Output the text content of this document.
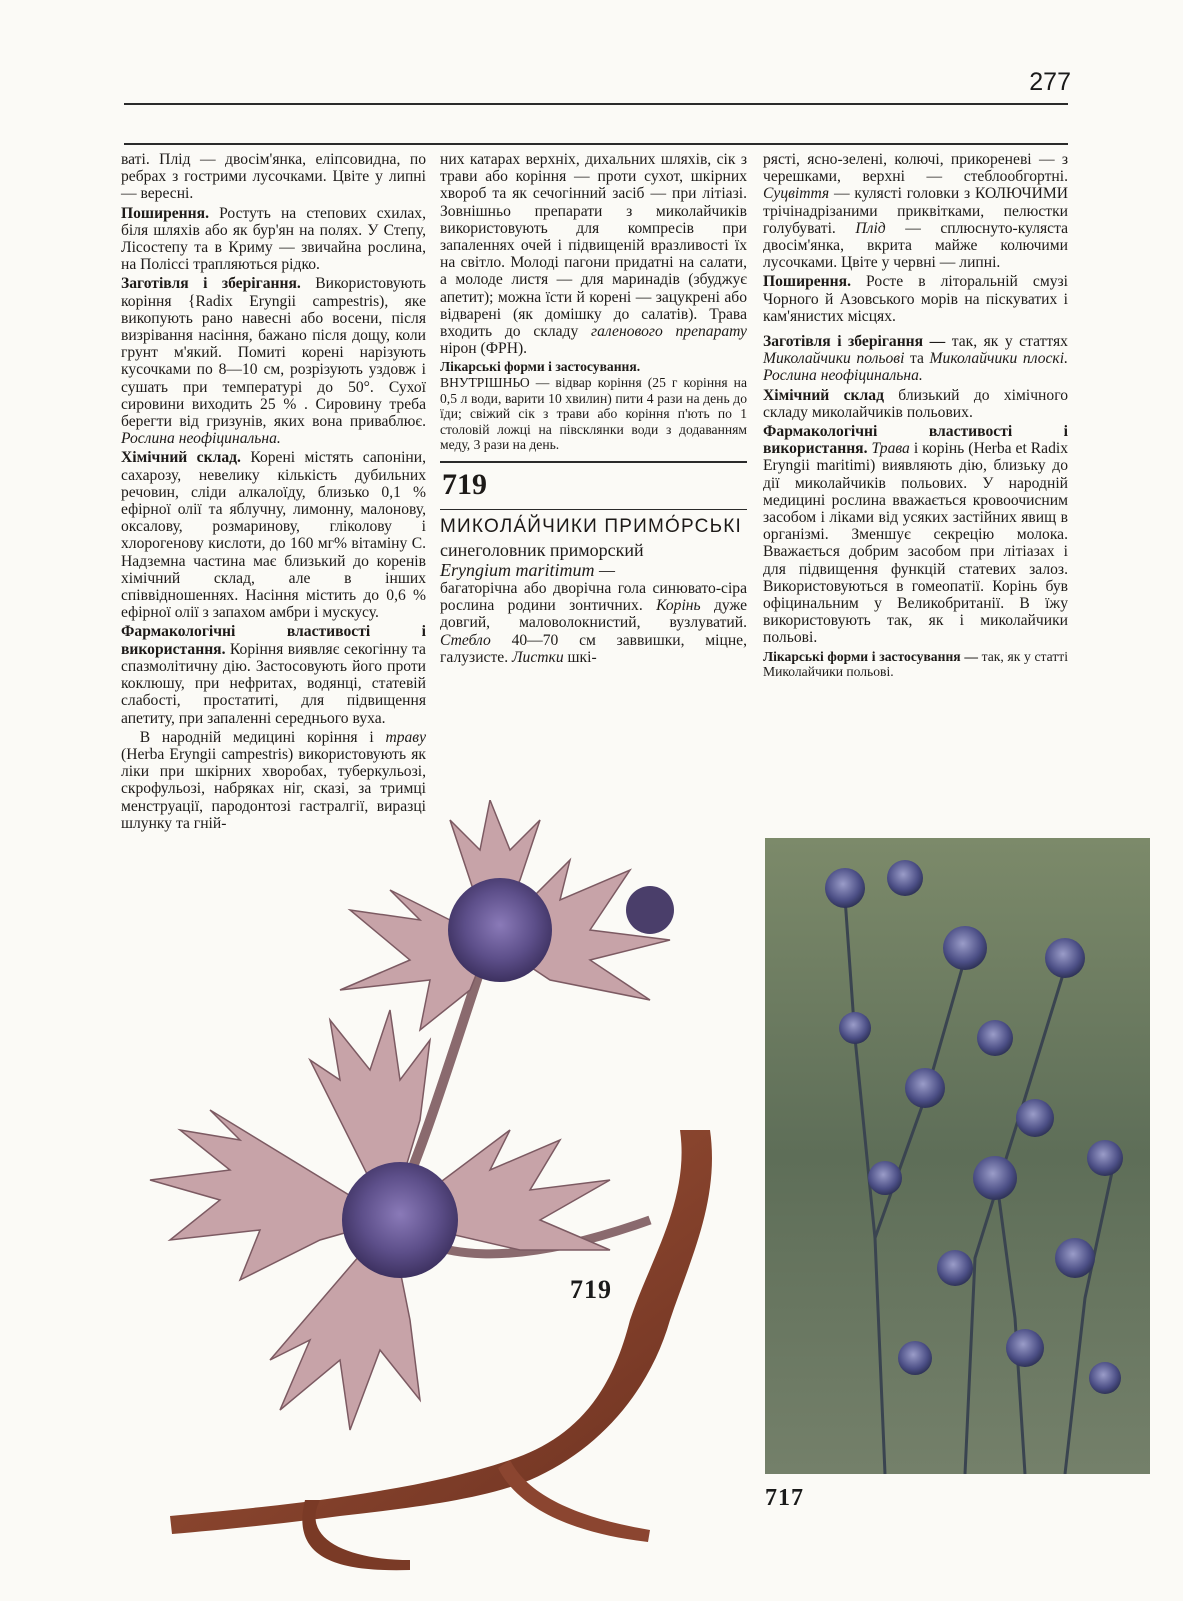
277

ваті. Плід — двосім'янка, еліпсовидна, по ребрах з гострими лусочками. Цвіте у липні — вересні.

Поширення. Ростуть на степових схилах, біля шляхів або як бур'ян на полях. У Степу, Лісостепу та в Криму — звичайна рослина, на Поліссі трапляються рідко.

Заготівля і зберігання. Використовують коріння {Radix Eryngii campestris), яке викопують рано навесні або восени, після визрівання насіння, бажано після дощу, коли грунт м'який. Помиті корені нарізують кусочками по 8—10 см, розрізують уздовж і сушать при температурі до 50°. Сухої сировини виходить 25 % . Сировину треба берегти від гризунів, яких вона приваблює. Рослина неофіцинальна.

Хімічний склад. Корені містять сапоніни, сахарозу, невелику кількість дубильних речовин, сліди алкалоїду, близько 0,1 % ефірної олії та яблучну, лимонну, малонову, оксалову, розмаринову, гліколову і хлорогенову кислоти, до 160 мг% вітаміну С. Надземна частина має близький до коренів хімічний склад, але в інших співвідношеннях. Насіння містить до 0,6 % ефірної олії з запахом амбри і мускусу.

Фармакологічні властивості і використання. Коріння виявляє секогінну та спазмолітичну дію. Застосовують його проти коклюшу, при нефритах, водянці, статевій слабості, простатиті, для підвищення апетиту, при запаленні середнього вуха.

В народній медицині коріння і траву (Herba Eryngii campestris) використовують як ліки при шкірних хворобах, туберкульозі, скрофульозі, набряках ніг, сказі, за тримці менструації, пародонтозі гастралгії, виразці шлунку та гній-

них катарах верхніх, дихальних шляхів, сік з трави або коріння — проти сухот, шкірних хвороб та як сечогінний засіб — при літіазі. Зовнішньо препарати з миколайчиків використовують для компресів при запаленнях очей і підвищеній вразливості їх на світло. Молоді пагони придатні на салати, а молоде листя — для маринадів (збуджує апетит); можна їсти й корені — зацукрені або відварені (як домішку до салатів). Трава входить до складу галенового препарату нірон (ФРН).

Лікарські форми і застосування.
ВНУТРІШНЬО — відвар коріння (25 г коріння на 0,5 л води, варити 10 хвилин) пити 4 рази на день до їди; свіжий сік з трави або коріння п'ють по 1 столовій ложці на півсклянки води з додаванням меду, 3 рази на день.

719
МИКОЛА́ЙЧИКИ ПРИМО́РСЬКІ
синеголовник приморский
Eryngium maritimum —

багаторічна або дворічна гола синювато-сіра рослина родини зонтичних. Корінь дуже довгий, маловолокнистий, вузлуватий. Стебло 40—70 см заввишки, міцне, галузисте. Листки шкі-

рясті, ясно-зелені, колючі, прикореневі — з черешками, верхні — стеблообгортні. Суцвіття — кулясті головки з КОЛЮЧИМИ трічінадрізаними приквітками, пелюстки голубуваті. Плід — сплюснуто-куляста двосім'янка, вкрита майже колючими лусочками. Цвіте у червні — липні.

Поширення. Росте в літоральній смузі Чорного й Азовського морів на піскуватих і кам'янистих місцях.

Заготівля і зберігання — так, як у статтях Миколайчики польові та Миколайчики плоскі. Рослина неофіцинальна.

Хімічний склад близький до хімічного складу миколайчиків польових.

Фармакологічні властивості і використання. Трава і корінь (Herba et Radix Eryngii maritimi) виявляють дію, близьку до дії миколайчиків польових. У народній медицині рослина вважається кровоочисним засобом і ліками від усяких застійних явищ в організмі. Зменшує секрецію молока. Вважається добрим засобом при літіазах і для підвищення функцій статевих залоз. Використовуються в гомеопатії. Корінь був офіцинальним у Великобританії. В їжу використовують так, як і миколайчики польові.

Лікарські форми і застосування — так, як у статті Миколайчики польові.

719
717
